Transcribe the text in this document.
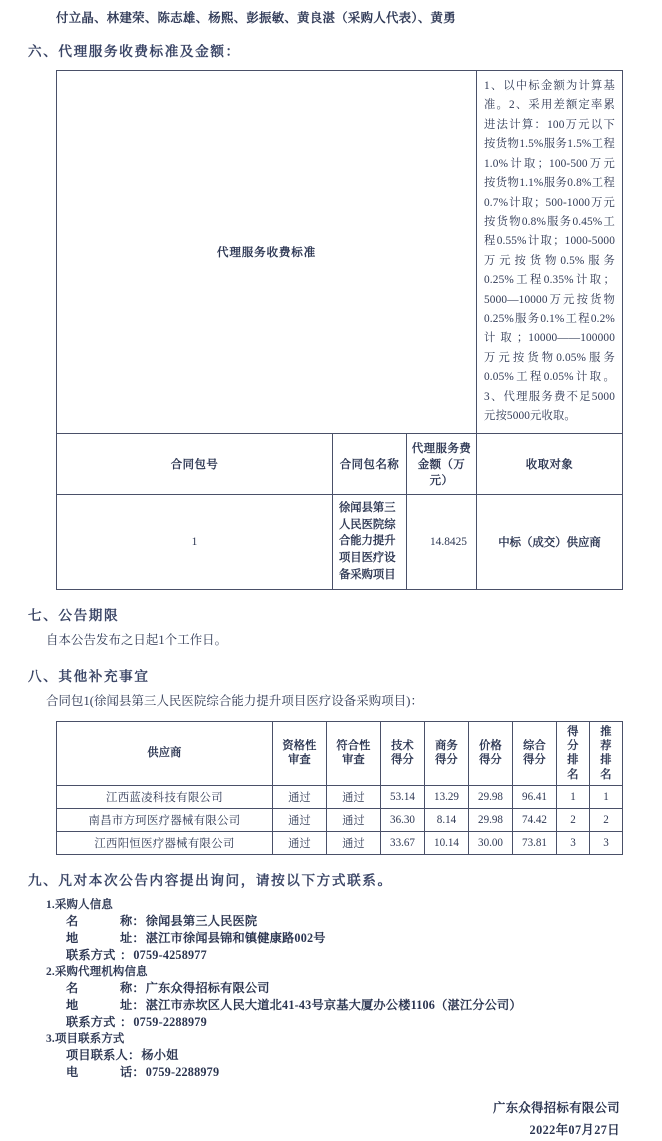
付立晶、林建荣、陈志雄、杨熙、彭振敏、黄良湛（采购人代表）、黄勇
六、代理服务收费标准及金额：
代理服务收费标准			1、以中标金额为计算基准。2、采用差额定率累进法计算：100万元以下按货物1.5%服务1.5%工程1.0%计取；100-500万元按货物1.1%服务0.8%工程0.7%计取；500-1000万元按货物0.8%服务0.45%工程0.55%计取；1000-5000万元按货物0.5%服务0.25%工程0.35%计取；5000—10000万元按货物0.25%服务0.1%工程0.2%计取；10000——100000万元按货物0.05%服务0.05%工程0.05%计取。3、代理服务费不足5000元按5000元收取。
合同包号	合同包名称	代理服务费金额（万元）	收取对象
1	徐闻县第三人民医院综合能力提升项目医疗设备采购项目	14.8425	中标（成交）供应商
七、公告期限
自本公告发布之日起1个工作日。
八、其他补充事宜
合同包1(徐闻县第三人民医院综合能力提升项目医疗设备采购项目)：
供应商	资格性审查	符合性审查	技术得分	商务得分	价格得分	综合得分	得分排名	推荐排名
江西蓝凌科技有限公司	通过	通过	53.14	13.29	29.98	96.41	1	1
南昌市方珂医疗器械有限公司	通过	通过	36.30	8.14	29.98	74.42	2	2
江西阳恒医疗器械有限公司	通过	通过	33.67	10.14	30.00	73.81	3	3
九、凡对本次公告内容提出询问，请按以下方式联系。
1.采购人信息
名	称：徐闻县第三人民医院
地	址：湛江市徐闻县锦和镇健康路002号
联系方式 ：0759-4258977
2.采购代理机构信息
名	称：广东众得招标有限公司
地	址：湛江市赤坎区人民大道北41-43号京基大厦办公楼1106（湛江分公司）
联系方式 ：0759-2288979
3.项目联系方式
项目联系人：杨小姐
电	话：0759-2288979
广东众得招标有限公司
2022年07月27日
